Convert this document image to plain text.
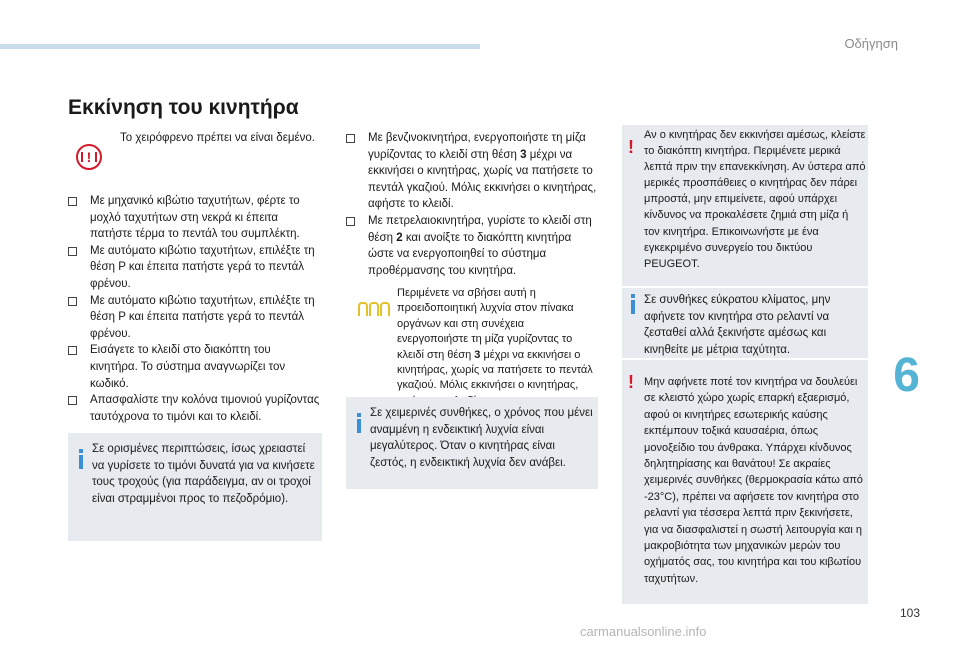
Οδήγηση
6
103
carmanualsonline.info
Εκκίνηση του κινητήρα
!
Το χειρόφρενο πρέπει να είναι δεμένο.
Με μηχανικό κιβώτιο ταχυτήτων, φέρτε το μοχλό ταχυτήτων στη νεκρά κι έπειτα πατήστε τέρμα το πεντάλ του συμπλέκτη.
Με αυτόματο κιβώτιο ταχυτήτων, επιλέξτε τη θέση P και έπειτα πατήστε γερά το πεντάλ φρένου.
Με αυτόματο κιβώτιο ταχυτήτων, επιλέξτε τη θέση P και έπειτα πατήστε γερά το πεντάλ φρένου.
Εισάγετε το κλειδί στο διακόπτη του κινητήρα. Το σύστημα αναγνωρίζει τον κωδικό.
Απασφαλίστε την κολόνα τιμονιού γυρίζοντας ταυτόχρονα το τιμόνι και το κλειδί.
Σε ορισμένες περιπτώσεις, ίσως χρειαστεί να γυρίσετε το τιμόνι δυνατά για να κινήσετε τους τροχούς (για παράδειγμα, αν οι τροχοί είναι στραμμένοι προς το πεζοδρόμιο).
Με βενζινοκινητήρα, ενεργοποιήστε τη μίζα γυρίζοντας το κλειδί στη θέση 3 μέχρι να εκκινήσει ο κινητήρας, χωρίς να πατήσετε το πεντάλ γκαζιού. Μόλις εκκινήσει ο κινητήρας, αφήστε το κλειδί.
Με πετρελαιοκινητήρα, γυρίστε το κλειδί στη θέση 2 και ανοίξτε το διακόπτη κινητήρα ώστε να ενεργοποιηθεί το σύστημα προθέρμανσης του κινητήρα.
Περιμένετε να σβήσει αυτή η προειδοποιητική λυχνία στον πίνακα οργάνων και στη συνέχεια ενεργοποιήστε τη μίζα γυρίζοντας το κλειδί στη θέση 3 μέχρι να εκκινήσει ο κινητήρας, χωρίς να πατήσετε το πεντάλ γκαζιού. Μόλις εκκινήσει ο κινητήρας,
Σε χειμερινές συνθήκες, ο χρόνος που μένει αναμμένη η ενδεικτική λυχνία είναι μεγαλύτερος. Όταν ο κινητήρας είναι ζεστός, η ενδεικτική λυχνία δεν ανάβει.
!
Αν ο κινητήρας δεν εκκινήσει αμέσως, κλείστε το διακόπτη κινητήρα. Περιμένετε μερικά λεπτά πριν την επανεκκίνηση. Αν ύστερα από μερικές προσπάθειες ο κινητήρας δεν πάρει μπροστά, μην επιμείνετε, αφού υπάρχει κίνδυνος να προκαλέσετε ζημιά στη μίζα ή τον κινητήρα. Επικοινωνήστε με ένα εγκεκριμένο συνεργείο του δικτύου PEUGEOT.
Σε συνθήκες εύκρατου κλίματος, μην αφήνετε τον κινητήρα στο ρελαντί να ζεσταθεί αλλά ξεκινήστε αμέσως και κινηθείτε με μέτρια ταχύτητα.
! Μην αφήνετε ποτέ τον κινητήρα να δουλεύει σε κλειστό χώρο χωρίς επαρκή εξαερισμό, αφού οι κινητήρες εσωτερικής καύσης εκπέμπουν τοξικά καυσαέρια, όπως μονοξείδιο του άνθρακα. Υπάρχει κίνδυνος δηλητηρίασης και θανάτου! Σε ακραίες χειμερινές συνθήκες (θερμοκρασία κάτω από -23°C), πρέπει να αφήσετε τον κινητήρα στο ρελαντί για τέσσερα λεπτά πριν ξεκινήσετε, για να διασφαλιστεί η σωστή λειτουργία και η μακροβιότητα των μηχανικών μερών του οχήματός σας, του κινητήρα και του κιβωτίου ταχυτήτων.
